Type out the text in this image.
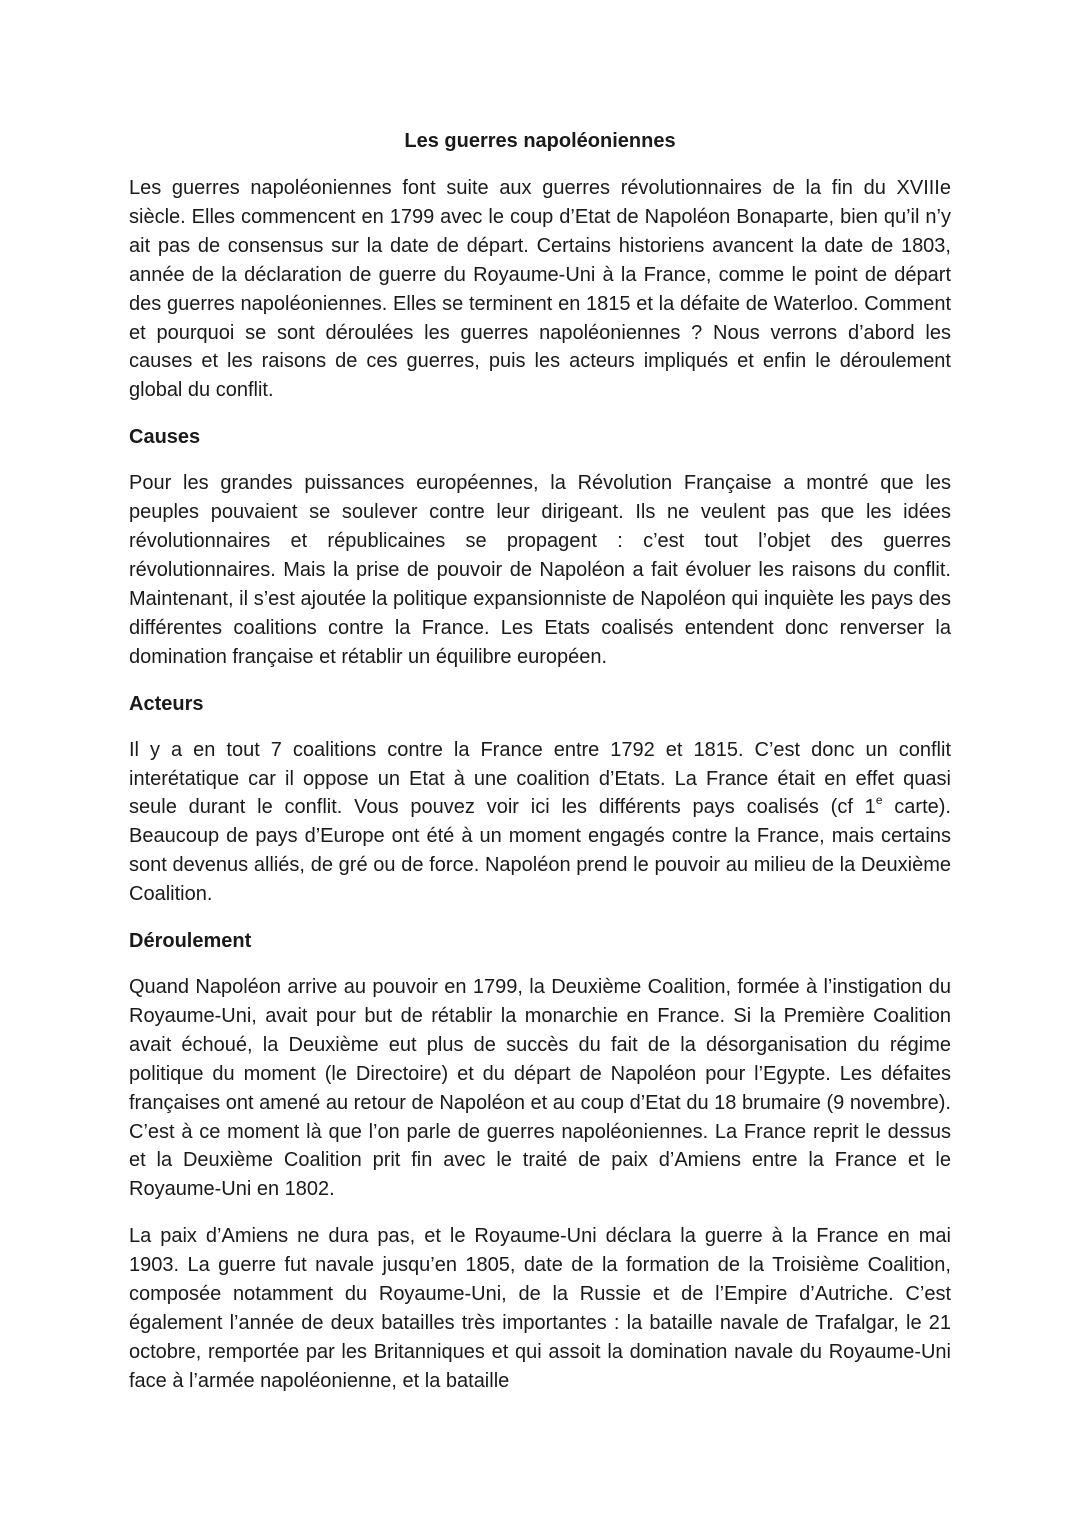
Les guerres napoléoniennes

Les guerres napoléoniennes font suite aux guerres révolutionnaires de la fin du XVIIIe siècle. Elles commencent en 1799 avec le coup d’Etat de Napoléon Bonaparte, bien qu’il n’y ait pas de consensus sur la date de départ. Certains historiens avancent la date de 1803, année de la déclaration de guerre du Royaume-Uni à la France, comme le point de départ des guerres napoléoniennes. Elles se terminent en 1815 et la défaite de Waterloo. Comment et pourquoi se sont déroulées les guerres napoléoniennes ? Nous verrons d’abord les causes et les raisons de ces guerres, puis les acteurs impliqués et enfin le déroulement global du conflit.

Causes

Pour les grandes puissances européennes, la Révolution Française a montré que les peuples pouvaient se soulever contre leur dirigeant. Ils ne veulent pas que les idées révolutionnaires et républicaines se propagent : c’est tout l’objet des guerres révolutionnaires. Mais la prise de pouvoir de Napoléon a fait évoluer les raisons du conflit. Maintenant, il s’est ajoutée la politique expansionniste de Napoléon qui inquiète les pays des différentes coalitions contre la France. Les Etats coalisés entendent donc renverser la domination française et rétablir un équilibre européen.

Acteurs

Il y a en tout 7 coalitions contre la France entre 1792 et 1815. C’est donc un conflit interétatique car il oppose un Etat à une coalition d’Etats. La France était en effet quasi seule durant le conflit. Vous pouvez voir ici les différents pays coalisés (cf 1e carte). Beaucoup de pays d’Europe ont été à un moment engagés contre la France, mais certains sont devenus alliés, de gré ou de force. Napoléon prend le pouvoir au milieu de la Deuxième Coalition.

Déroulement

Quand Napoléon arrive au pouvoir en 1799, la Deuxième Coalition, formée à l’instigation du Royaume-Uni, avait pour but de rétablir la monarchie en France. Si la Première Coalition avait échoué, la Deuxième eut plus de succès du fait de la désorganisation du régime politique du moment (le Directoire) et du départ de Napoléon pour l’Egypte. Les défaites françaises ont amené au retour de Napoléon et au coup d’Etat du 18 brumaire (9 novembre). C’est à ce moment là que l’on parle de guerres napoléoniennes. La France reprit le dessus et la Deuxième Coalition prit fin avec le traité de paix d’Amiens entre la France et le Royaume-Uni en 1802.

La paix d’Amiens ne dura pas, et le Royaume-Uni déclara la guerre à la France en mai 1903. La guerre fut navale jusqu’en 1805, date de la formation de la Troisième Coalition, composée notamment du Royaume-Uni, de la Russie et de l’Empire d’Autriche. C’est également l’année de deux batailles très importantes : la bataille navale de Trafalgar, le 21 octobre, remportée par les Britanniques et qui assoit la domination navale du Royaume-Uni face à l’armée napoléonienne, et la bataille
